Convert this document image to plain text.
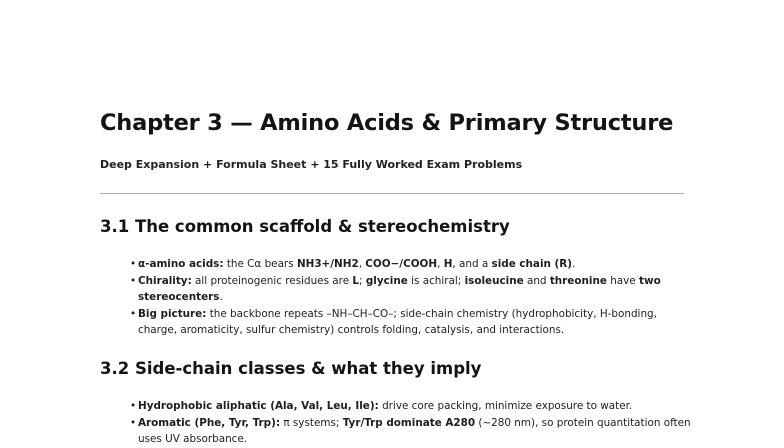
Chapter 3 — Amino Acids & Primary Structure

Deep Expansion + Formula Sheet + 15 Fully Worked Exam Problems

3.1 The common scaffold & stereochemistry
• α-amino acids: the Cα bears NH3+/NH2, COO−/COOH, H, and a side chain (R).
• Chirality: all proteinogenic residues are L; glycine is achiral; isoleucine and threonine have two stereocenters.
• Big picture: the backbone repeats –NH–CH–CO–; side-chain chemistry (hydrophobicity, H-bonding, charge, aromaticity, sulfur chemistry) controls folding, catalysis, and interactions.
3.2 Side-chain classes & what they imply
• Hydrophobic aliphatic (Ala, Val, Leu, Ile): drive core packing, minimize exposure to water.
• Aromatic (Phe, Tyr, Trp): π systems; Tyr/Trp dominate A280 (~280 nm), so protein quantitation often uses UV absorbance.
